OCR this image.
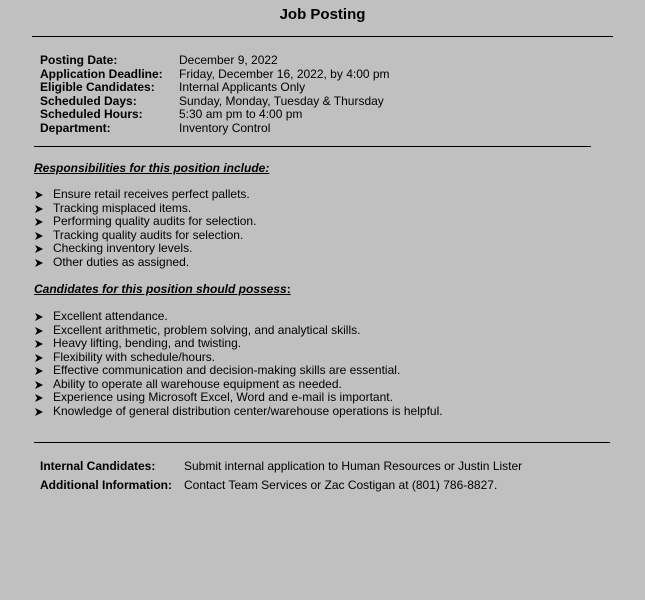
Job Posting
Posting Date:	December 9, 2022
Application Deadline: Friday, December 16, 2022, by 4:00 pm
Eligible Candidates: Internal Applicants Only
Scheduled Days:	Sunday, Monday, Tuesday & Thursday
Scheduled Hours:	5:30 am pm to 4:00 pm
Department:	Inventory Control
Responsibilities for this position include:
Ensure retail receives perfect pallets.
Tracking misplaced items.
Performing quality audits for selection.
Tracking quality audits for selection.
Checking inventory levels.
Other duties as assigned.
Candidates for this position should possess:
Excellent attendance.
Excellent arithmetic, problem solving, and analytical skills.
Heavy lifting, bending, and twisting.
Flexibility with schedule/hours.
Effective communication and decision-making skills are essential.
Ability to operate all warehouse equipment as needed.
Experience using Microsoft Excel, Word and e-mail is important.
Knowledge of general distribution center/warehouse operations is helpful.
Internal Candidates: Submit internal application to Human Resources or Justin Lister
Additional Information: Contact Team Services or Zac Costigan at (801) 786-8827.
